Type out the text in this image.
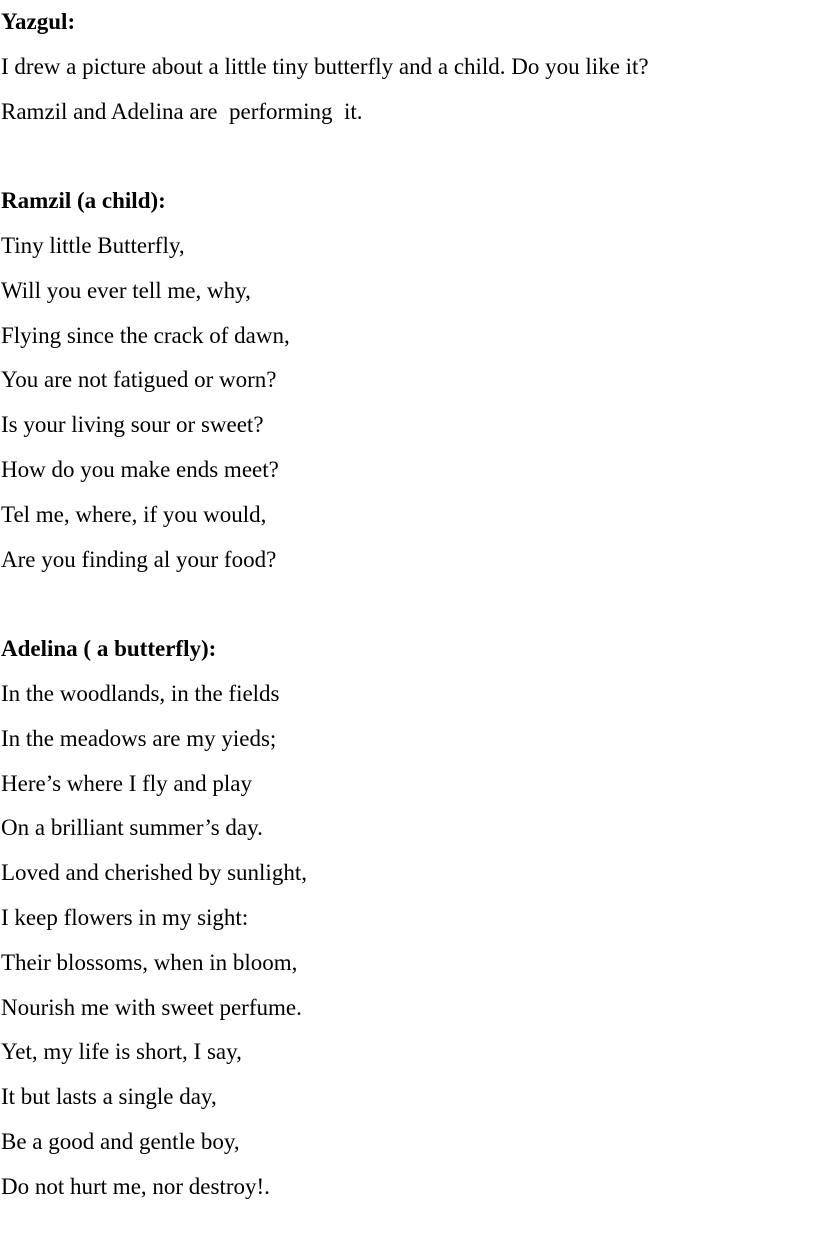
Yazgul:
I drew a picture about a little tiny butterfly and a child. Do you like it?
Ramzil and Adelina are  performing  it.
Ramzil (a child):
Tiny little Butterfly,
Will you ever tell me, why,
Flying since the crack of dawn,
You are not fatigued or worn?
Is your living sour or sweet?
How do you make ends meet?
Tel me, where, if you would,
Are you finding al your food?
Adelina ( a butterfly):
In the woodlands, in the fields
In the meadows are my yieds;
Here’s where I fly and play
On a brilliant summer’s day.
Loved and cherished by sunlight,
I keep flowers in my sight:
Their blossoms, when in bloom,
Nourish me with sweet perfume.
Yet, my life is short, I say,
It but lasts a single day,
Be a good and gentle boy,
Do not hurt me, nor destroy!.
